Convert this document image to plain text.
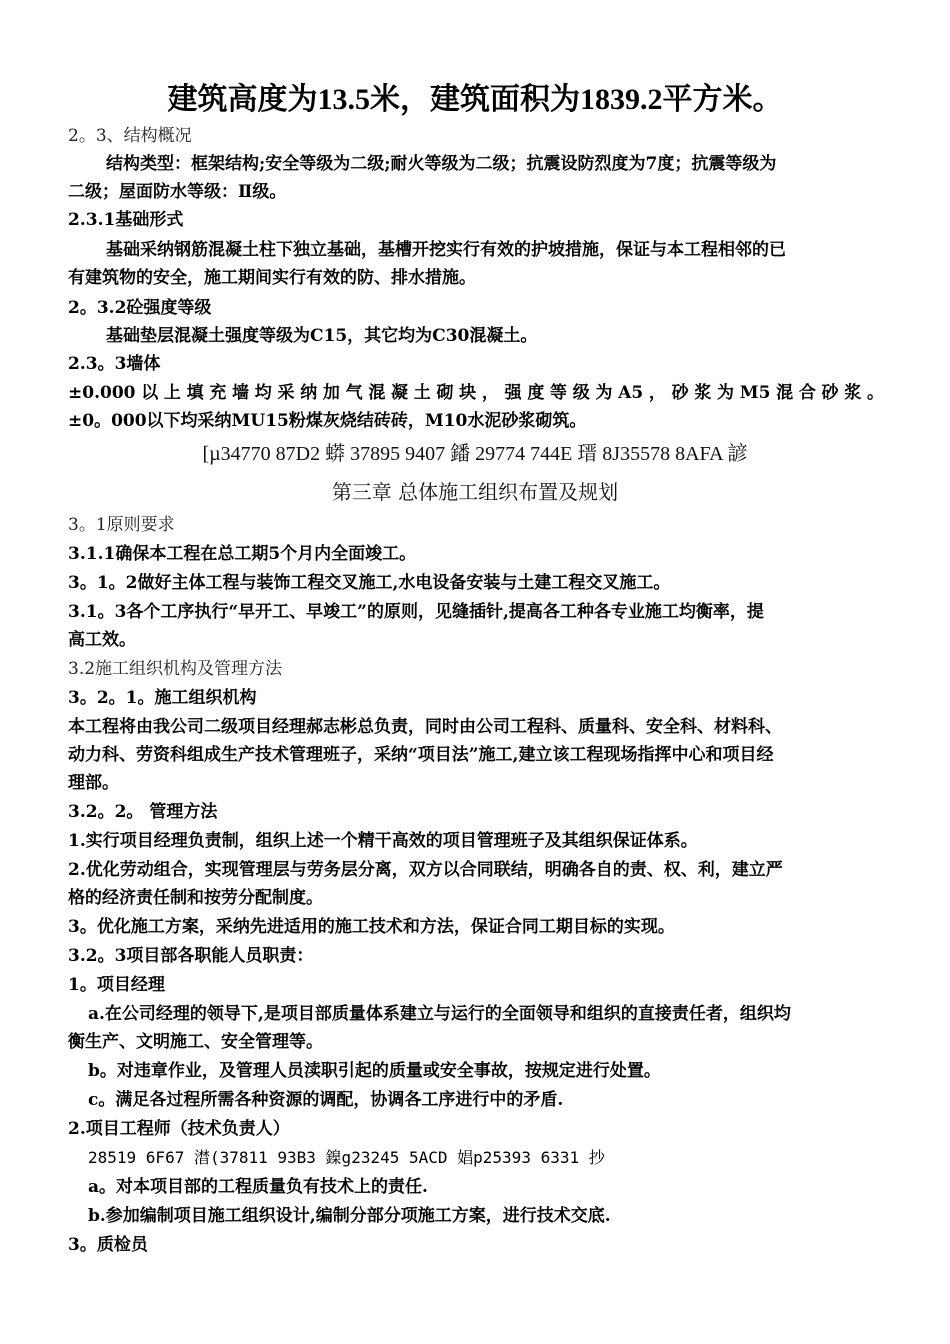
建筑高度为13.5米，建筑面积为1839.2平方米。
2。3、结构概况
结构类型：框架结构;安全等级为二级;耐火等级为二级；抗震设防烈度为7度；抗震等级为
二级；屋面防水等级：Ⅱ级。
2.3.1基础形式
基础采纳钢筋混凝土柱下独立基础，基槽开挖实行有效的护坡措施，保证与本工程相邻的已
有建筑物的安全，施工期间实行有效的防、排水措施。
2。3.2砼强度等级
基础垫层混凝土强度等级为C15，其它均为C30混凝土。
2.3。3墙体
±0.000以上填充墙均采纳加气混凝土砌块，强度等级为A5，砂浆为M5混合砂浆。
±0。000以下均采纳MU15粉煤灰烧结砖砖，M10水泥砂浆砌筑。
[µ34770 87D2 蟒 37895 9407 鐇 29774 744E 瑨 8J35578 8AFA 諺
第三章 总体施工组织布置及规划
3。1原则要求
3.1.1确保本工程在总工期5个月内全面竣工。
3。1。2做好主体工程与装饰工程交叉施工,水电设备安装与土建工程交叉施工。
3.1。3各个工序执行“早开工、早竣工”的原则，见缝插针,提高各工种各专业施工均衡率，提
高工效。
3.2施工组织机构及管理方法
3。2。1。施工组织机构
本工程将由我公司二级项目经理郝志彬总负责，同时由公司工程科、质量科、安全科、材料科、
动力科、劳资科组成生产技术管理班子，采纳“项目法”施工,建立该工程现场指挥中心和项目经
理部。
3.2。2。 管理方法
1.实行项目经理负责制，组织上述一个精干高效的项目管理班子及其组织保证体系。
2.优化劳动组合，实现管理层与劳务层分离，双方以合同联结，明确各自的责、权、利，建立严
格的经济责任制和按劳分配制度。
3。优化施工方案，采纳先进适用的施工技术和方法，保证合同工期目标的实现。
3.2。3项目部各职能人员职责：
1。项目经理
a.在公司经理的领导下,是项目部质量体系建立与运行的全面领导和组织的直接责任者，组织均
衡生产、文明施工、安全管理等。
b。对违章作业，及管理人员渎职引起的质量或安全事故，按规定进行处置。
c。满足各过程所需各种资源的调配，协调各工序进行中的矛盾.
2.项目工程师（技术负责人）
28519 6F67 澘(37811 93B3 鎳g23245 5ACD 娼p25393 6331 抄
a。对本项目部的工程质量负有技术上的责任.
b.参加编制项目施工组织设计,编制分部分项施工方案，进行技术交底.
3。质检员
